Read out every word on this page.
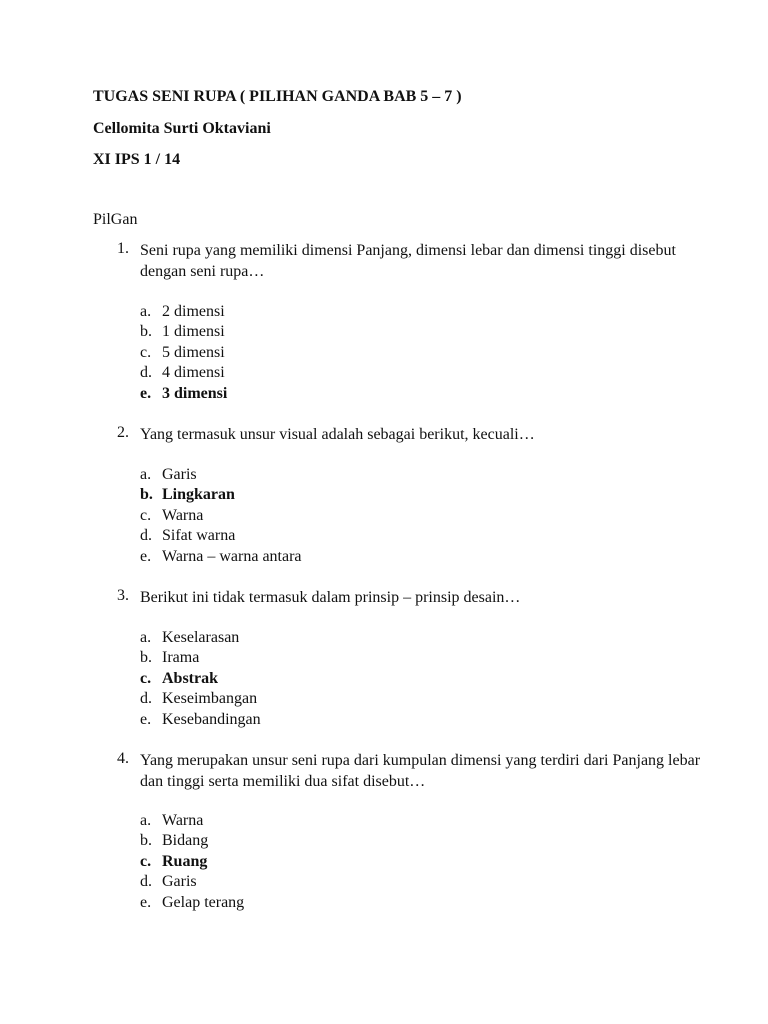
TUGAS SENI RUPA ( PILIHAN GANDA BAB 5 – 7 )
Cellomita Surti Oktaviani
XI IPS 1 / 14
PilGan
1. Seni rupa yang memiliki dimensi Panjang, dimensi lebar dan dimensi tinggi disebut dengan seni rupa…
a. 2 dimensi
b. 1 dimensi
c. 5 dimensi
d. 4 dimensi
e. 3 dimensi
2. Yang termasuk unsur visual adalah sebagai berikut, kecuali…
a. Garis
b. Lingkaran
c. Warna
d. Sifat warna
e. Warna – warna antara
3. Berikut ini tidak termasuk dalam prinsip – prinsip desain…
a. Keselarasan
b. Irama
c. Abstrak
d. Keseimbangan
e. Kesebandingan
4. Yang merupakan unsur seni rupa dari kumpulan dimensi yang terdiri dari Panjang lebar dan tinggi serta memiliki dua sifat disebut…
a. Warna
b. Bidang
c. Ruang
d. Garis
e. Gelap terang
